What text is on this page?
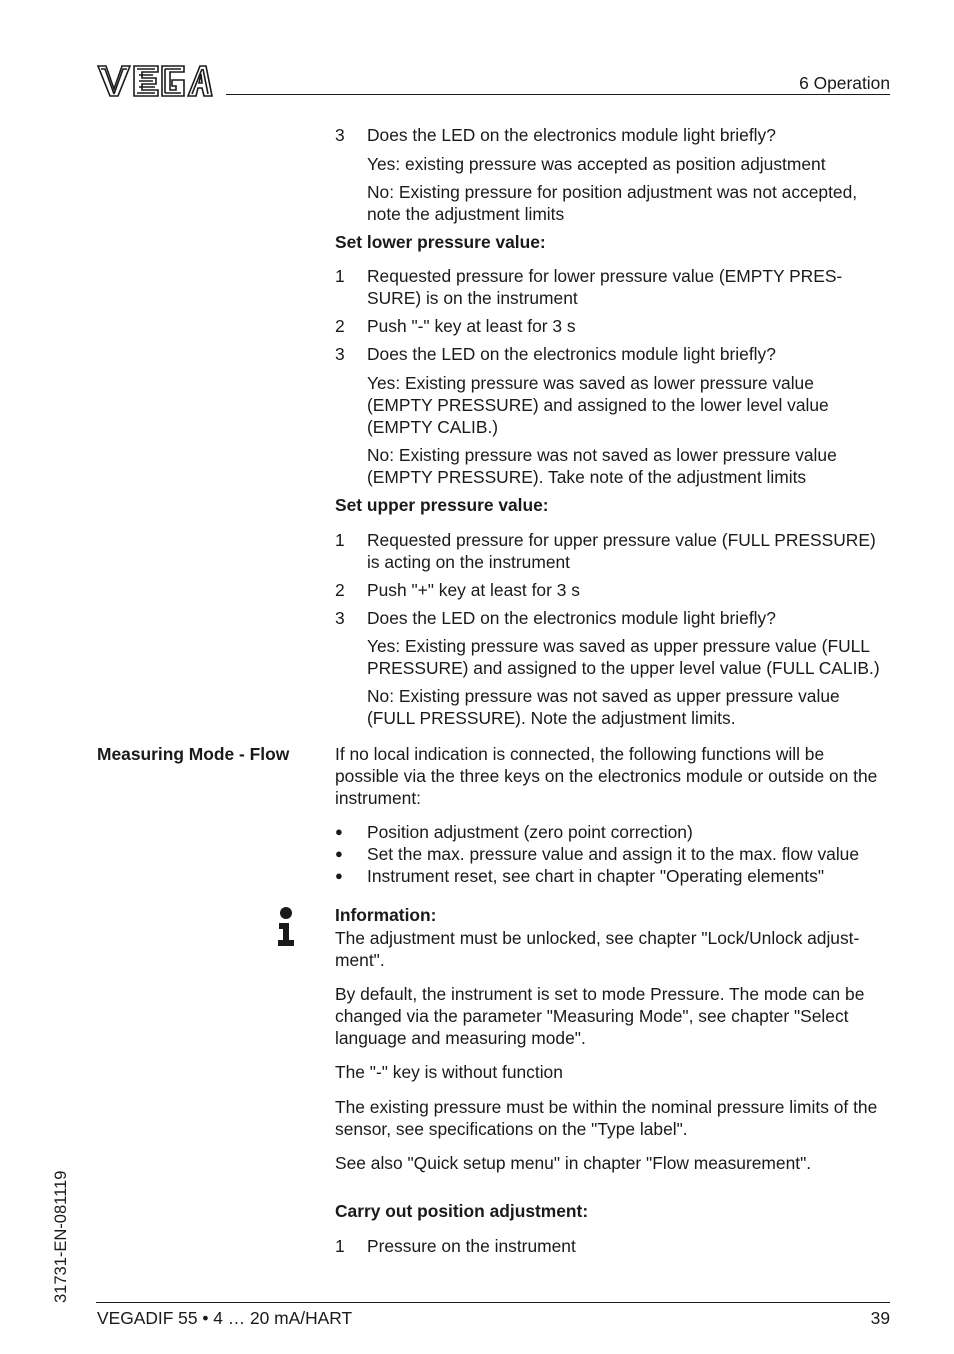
6 Operation
3 Does the LED on the electronics module light briefly?
Yes: existing pressure was accepted as position adjustment
No: Existing pressure for position adjustment was not accepted,
note the adjustment limits
Set lower pressure value:
1 Requested pressure for lower pressure value (EMPTY PRES-
SURE) is on the instrument
2 Push "-" key at least for 3 s
3 Does the LED on the electronics module light briefly?
Yes: Existing pressure was saved as lower pressure value
(EMPTY PRESSURE) and assigned to the lower level value
(EMPTY CALIB.)
No: Existing pressure was not saved as lower pressure value
(EMPTY PRESSURE). Take note of the adjustment limits
Set upper pressure value:
1 Requested pressure for upper pressure value (FULL PRESSURE)
is acting on the instrument
2 Push "+" key at least for 3 s
3 Does the LED on the electronics module light briefly?
Yes: Existing pressure was saved as upper pressure value (FULL
PRESSURE) and assigned to the upper level value (FULL CALIB.)
No: Existing pressure was not saved as upper pressure value
(FULL PRESSURE). Note the adjustment limits.
Measuring Mode - Flow	If no local indication is connected, the following functions will be
possible via the three keys on the electronics module or outside on the
instrument:
● Position adjustment (zero point correction)
● Set the max. pressure value and assign it to the max. flow value
● Instrument reset, see chart in chapter "Operating elements"
Information:
The adjustment must be unlocked, see chapter "Lock/Unlock adjust-
ment".
By default, the instrument is set to mode Pressure. The mode can be
changed via the parameter "Measuring Mode", see chapter "Select
language and measuring mode".
The "-" key is without function
The existing pressure must be within the nominal pressure limits of the
sensor, see specifications on the "Type label".
See also "Quick setup menu" in chapter "Flow measurement".
Carry out position adjustment:
1 Pressure on the instrument
31731-EN-081119
VEGADIF 55 • 4 … 20 mA/HART	39
